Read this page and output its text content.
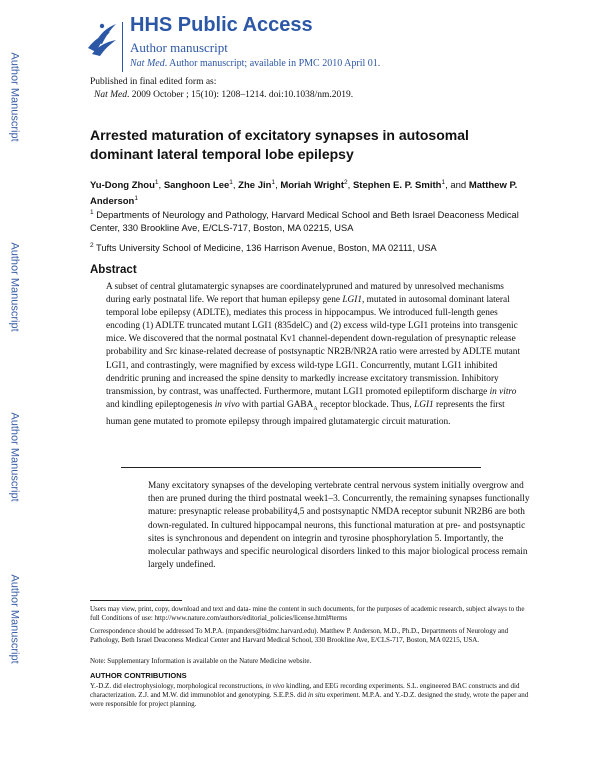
Author Manuscript
Author Manuscript
Author Manuscript
Author Manuscript
HHS Public Access
Author manuscript
Nat Med. Author manuscript; available in PMC 2010 April 01.
Published in final edited form as:
Nat Med. 2009 October ; 15(10): 1208–1214. doi:10.1038/nm.2019.
Arrested maturation of excitatory synapses in autosomal dominant lateral temporal lobe epilepsy
Yu-Dong Zhou$^1$, Sanghoon Lee$^1$, Zhe Jin$^1$, Moriah Wright$^2$, Stephen E. P. Smith$^1$, and Matthew P. Anderson$^1$
$^1$ Departments of Neurology and Pathology, Harvard Medical School and Beth Israel Deaconess Medical Center, 330 Brookline Ave, E/CLS-717, Boston, MA 02215, USA
$^2$ Tufts University School of Medicine, 136 Harrison Avenue, Boston, MA 02111, USA
Abstract
A subset of central glutamatergic synapses are coordinatelypruned and matured by unresolved mechanisms during early postnatal life. We report that human epilepsy gene LGI1, mutated in autosomal dominant lateral temporal lobe epilepsy (ADLTE), mediates this process in hippocampus. We introduced full-length genes encoding (1) ADLTE truncated mutant LGI1 (835delC) and (2) excess wild-type LGI1 proteins into transgenic mice. We discovered that the normal postnatal Kv1 channel-dependent down-regulation of presynaptic release probability and Src kinase-related decrease of postsynaptic NR2B/NR2A ratio were arrested by ADLTE mutant LGI1, and contrastingly, were magnified by excess wild-type LGI1. Concurrently, mutant LGI1 inhibited dendritic pruning and increased the spine density to markedly increase excitatory transmission. Inhibitory transmission, by contrast, was unaffected. Furthermore, mutant LGI1 promoted epileptiform discharge in vitro and kindling epileptogenesis in vivo with partial $GABA_A$ receptor blockade. Thus, LGI1 represents the first human gene mutated to promote epilepsy through impaired glutamatergic circuit maturation.
Many excitatory synapses of the developing vertebrate central nervous system initially overgrow and then are pruned during the third postnatal week1–3. Concurrently, the remaining synapses functionally mature: presynaptic release probability4,5 and postsynaptic NMDA receptor subunit NR2B6 are both down-regulated. In cultured hippocampal neurons, this functional maturation at pre- and postsynaptic sites is synchronous and dependent on integrin and tyrosine phosphorylation 5. Importantly, the molecular pathways and specific neurological disorders linked to this major biological process remain largely undefined.
Users may view, print, copy, download and text and data- mine the content in such documents, for the purposes of academic research, subject always to the full Conditions of use: http://www.nature.com/authors/editorial_policies/license.html#terms
Correspondence should be addressed To M.P.A. (mpanders@bidmc.harvard.edu). Matthew P. Anderson, M.D., Ph.D., Departments of Neurology and Pathology, Beth Israel Deaconess Medical Center and Harvard Medical School, 330 Brookline Ave, E/CLS-717, Boston, MA 02215, USA.
Note: Supplementary Information is available on the Nature Medicine website.
AUTHOR CONTRIBUTIONS
Y.-D.Z. did electrophysiology, morphological reconstructions, in vivo kindling, and EEG recording experiments. S.L. engineered BAC constructs and did characterization. Z.J. and M.W. did immunoblot and genotyping. S.E.P.S. did in situ experiment. M.P.A. and Y.-D.Z. designed the study, wrote the paper and were responsible for project planning.
